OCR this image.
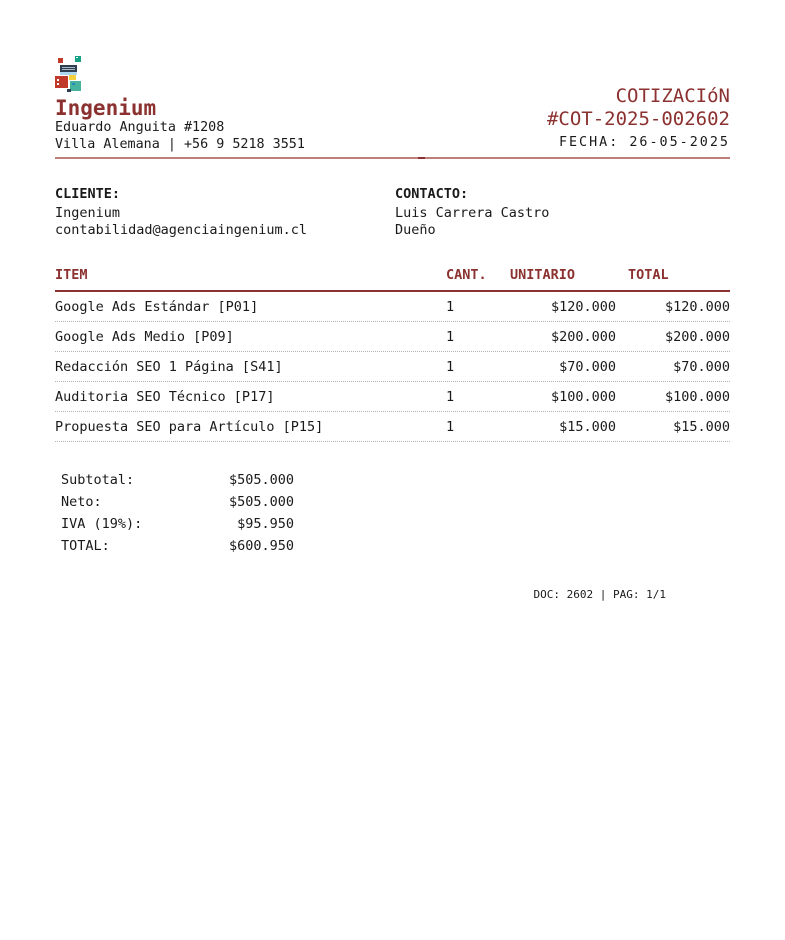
Ingenium
Eduardo Anguita #1208
Villa Alemana | +56 9 5218 3551
COTIZACIóN
#COT-2025-002602
FECHA: 26-05-2025
CLIENTE:
Ingenium
contabilidad@agenciaingenium.cl
CONTACTO:
Luis Carrera Castro
Dueño
ITEM	CANT.	UNITARIO	TOTAL
Google Ads Estándar [P01]	1	$120.000	$120.000
Google Ads Medio [P09]	1	$200.000	$200.000
Redacción SEO 1 Página [S41]	1	$70.000	$70.000
Auditoria SEO Técnico [P17]	1	$100.000	$100.000
Propuesta SEO para Artículo [P15]	1	$15.000	$15.000
Subtotal:	$505.000
Neto:	$505.000
IVA (19%):	$95.950
TOTAL:	$600.950
DOC: 2602 | PAG: 1/1
